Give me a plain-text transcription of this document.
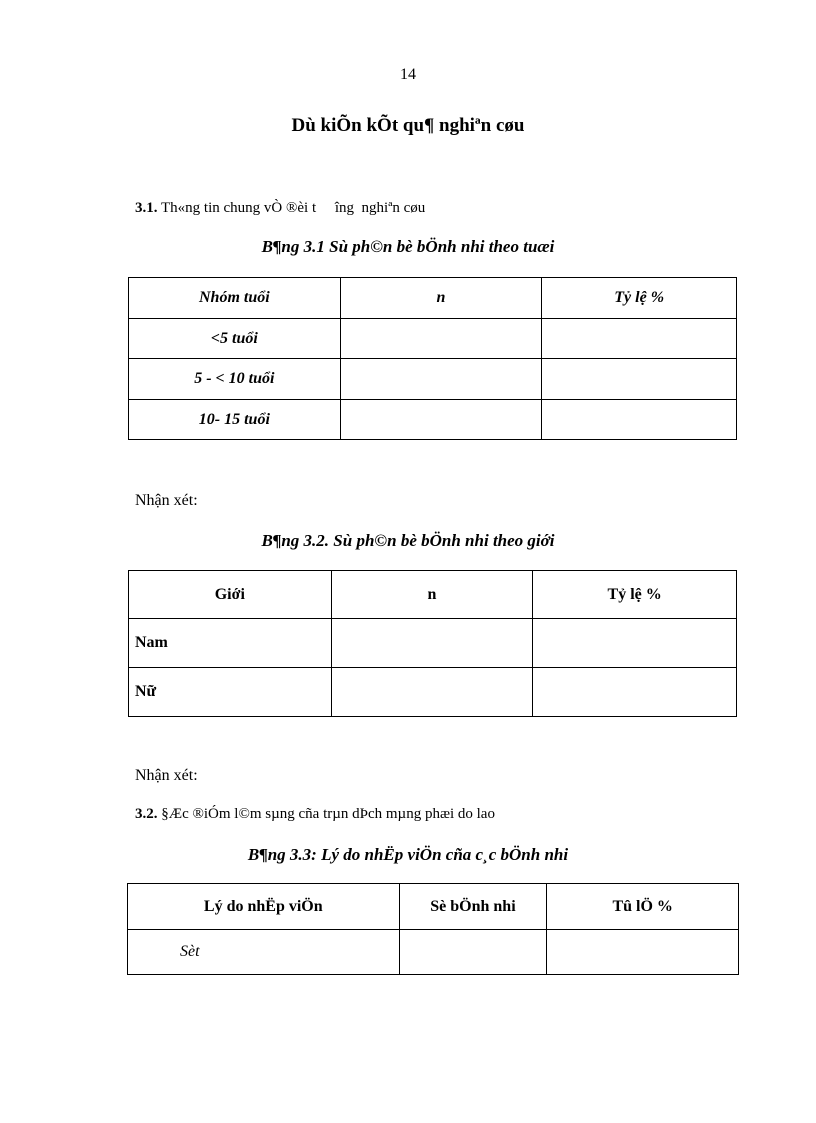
14
Dù kiÕn kÕt qu¶ nghiªn cøu
3.1. Th«ng tin chung vÒ ®èi t     îng  nghiªn cøu
B¶ng 3.1 Sù ph©n bè bÖnh nhi theo tuæi
Nhóm tuổi	n	Tỷ lệ %
<5 tuổi		
5 - < 10 tuổi		
10- 15 tuổi		
Nhận xét:
B¶ng 3.2. Sù ph©n bè bÖnh nhi theo giới
Giới	n	Tỷ lệ %
Nam		
Nữ		
Nhận xét:
3.2. §Æc ®iÓm l©m sµng cña trµn dÞch mµng phæi do lao
B¶ng 3.3: Lý do nhËp viÖn cña c¸c bÖnh nhi
Lý do nhËp viÖn	Sè bÖnh nhi	Tû lÖ %
Sèt		
